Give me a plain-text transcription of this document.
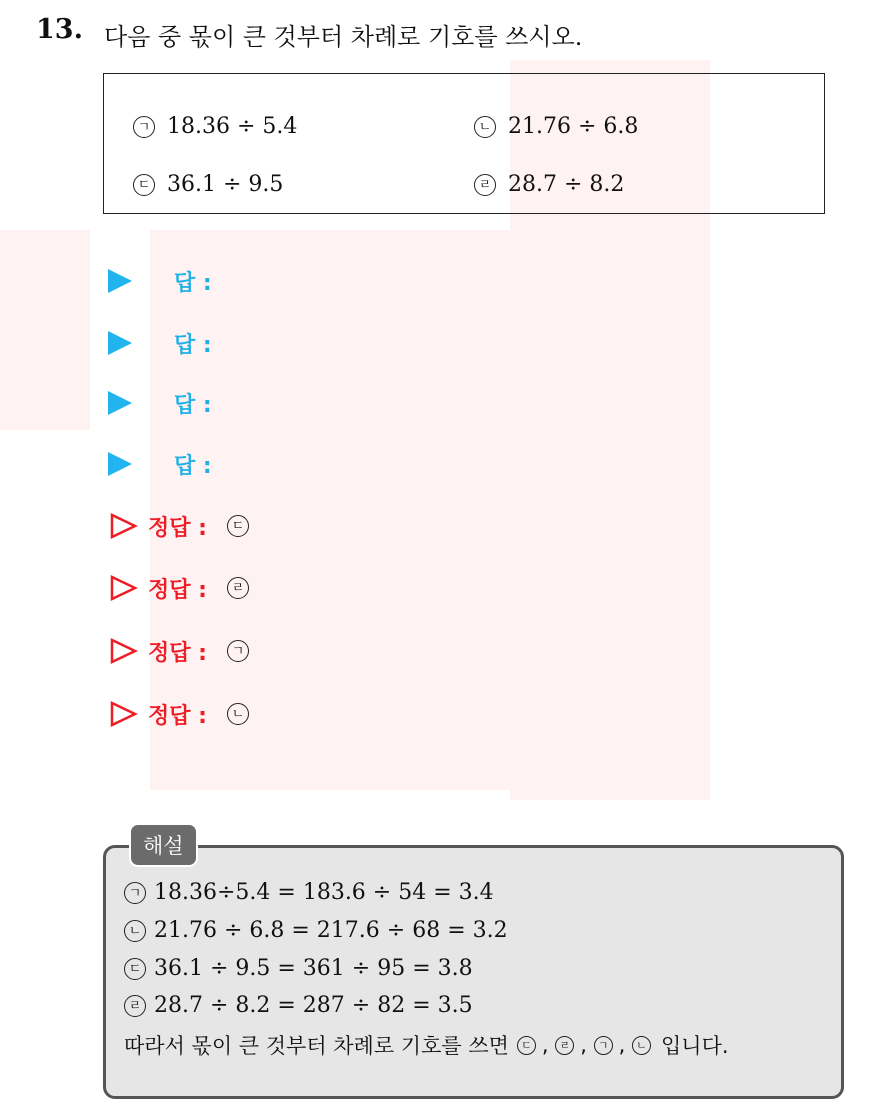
13. 다음 중 몫이 큰 것부터 차례로 기호를 쓰시오.
ㄱ 18.36 ÷ 5.4	ㄴ 21.76 ÷ 6.8
ㄷ 36.1 ÷ 9.5	ㄹ 28.7 ÷ 8.2
답 :
답 :
답 :
답 :
정답 :	ㄷ
정답 :	ㄹ
정답 :	ㄱ
정답 :	ㄴ
해설
ㄱ 18.36÷5.4 = 183.6 ÷ 54 = 3.4
ㄴ 21.76 ÷ 6.8 = 217.6 ÷ 68 = 3.2
ㄷ 36.1 ÷ 9.5 = 361 ÷ 95 = 3.8
ㄹ 28.7 ÷ 8.2 = 287 ÷ 82 = 3.5
따라서 몫이 큰 것부터 차례로 기호를 쓰면	ㄷ , ㄹ , ㄱ , ㄴ 입니다.
